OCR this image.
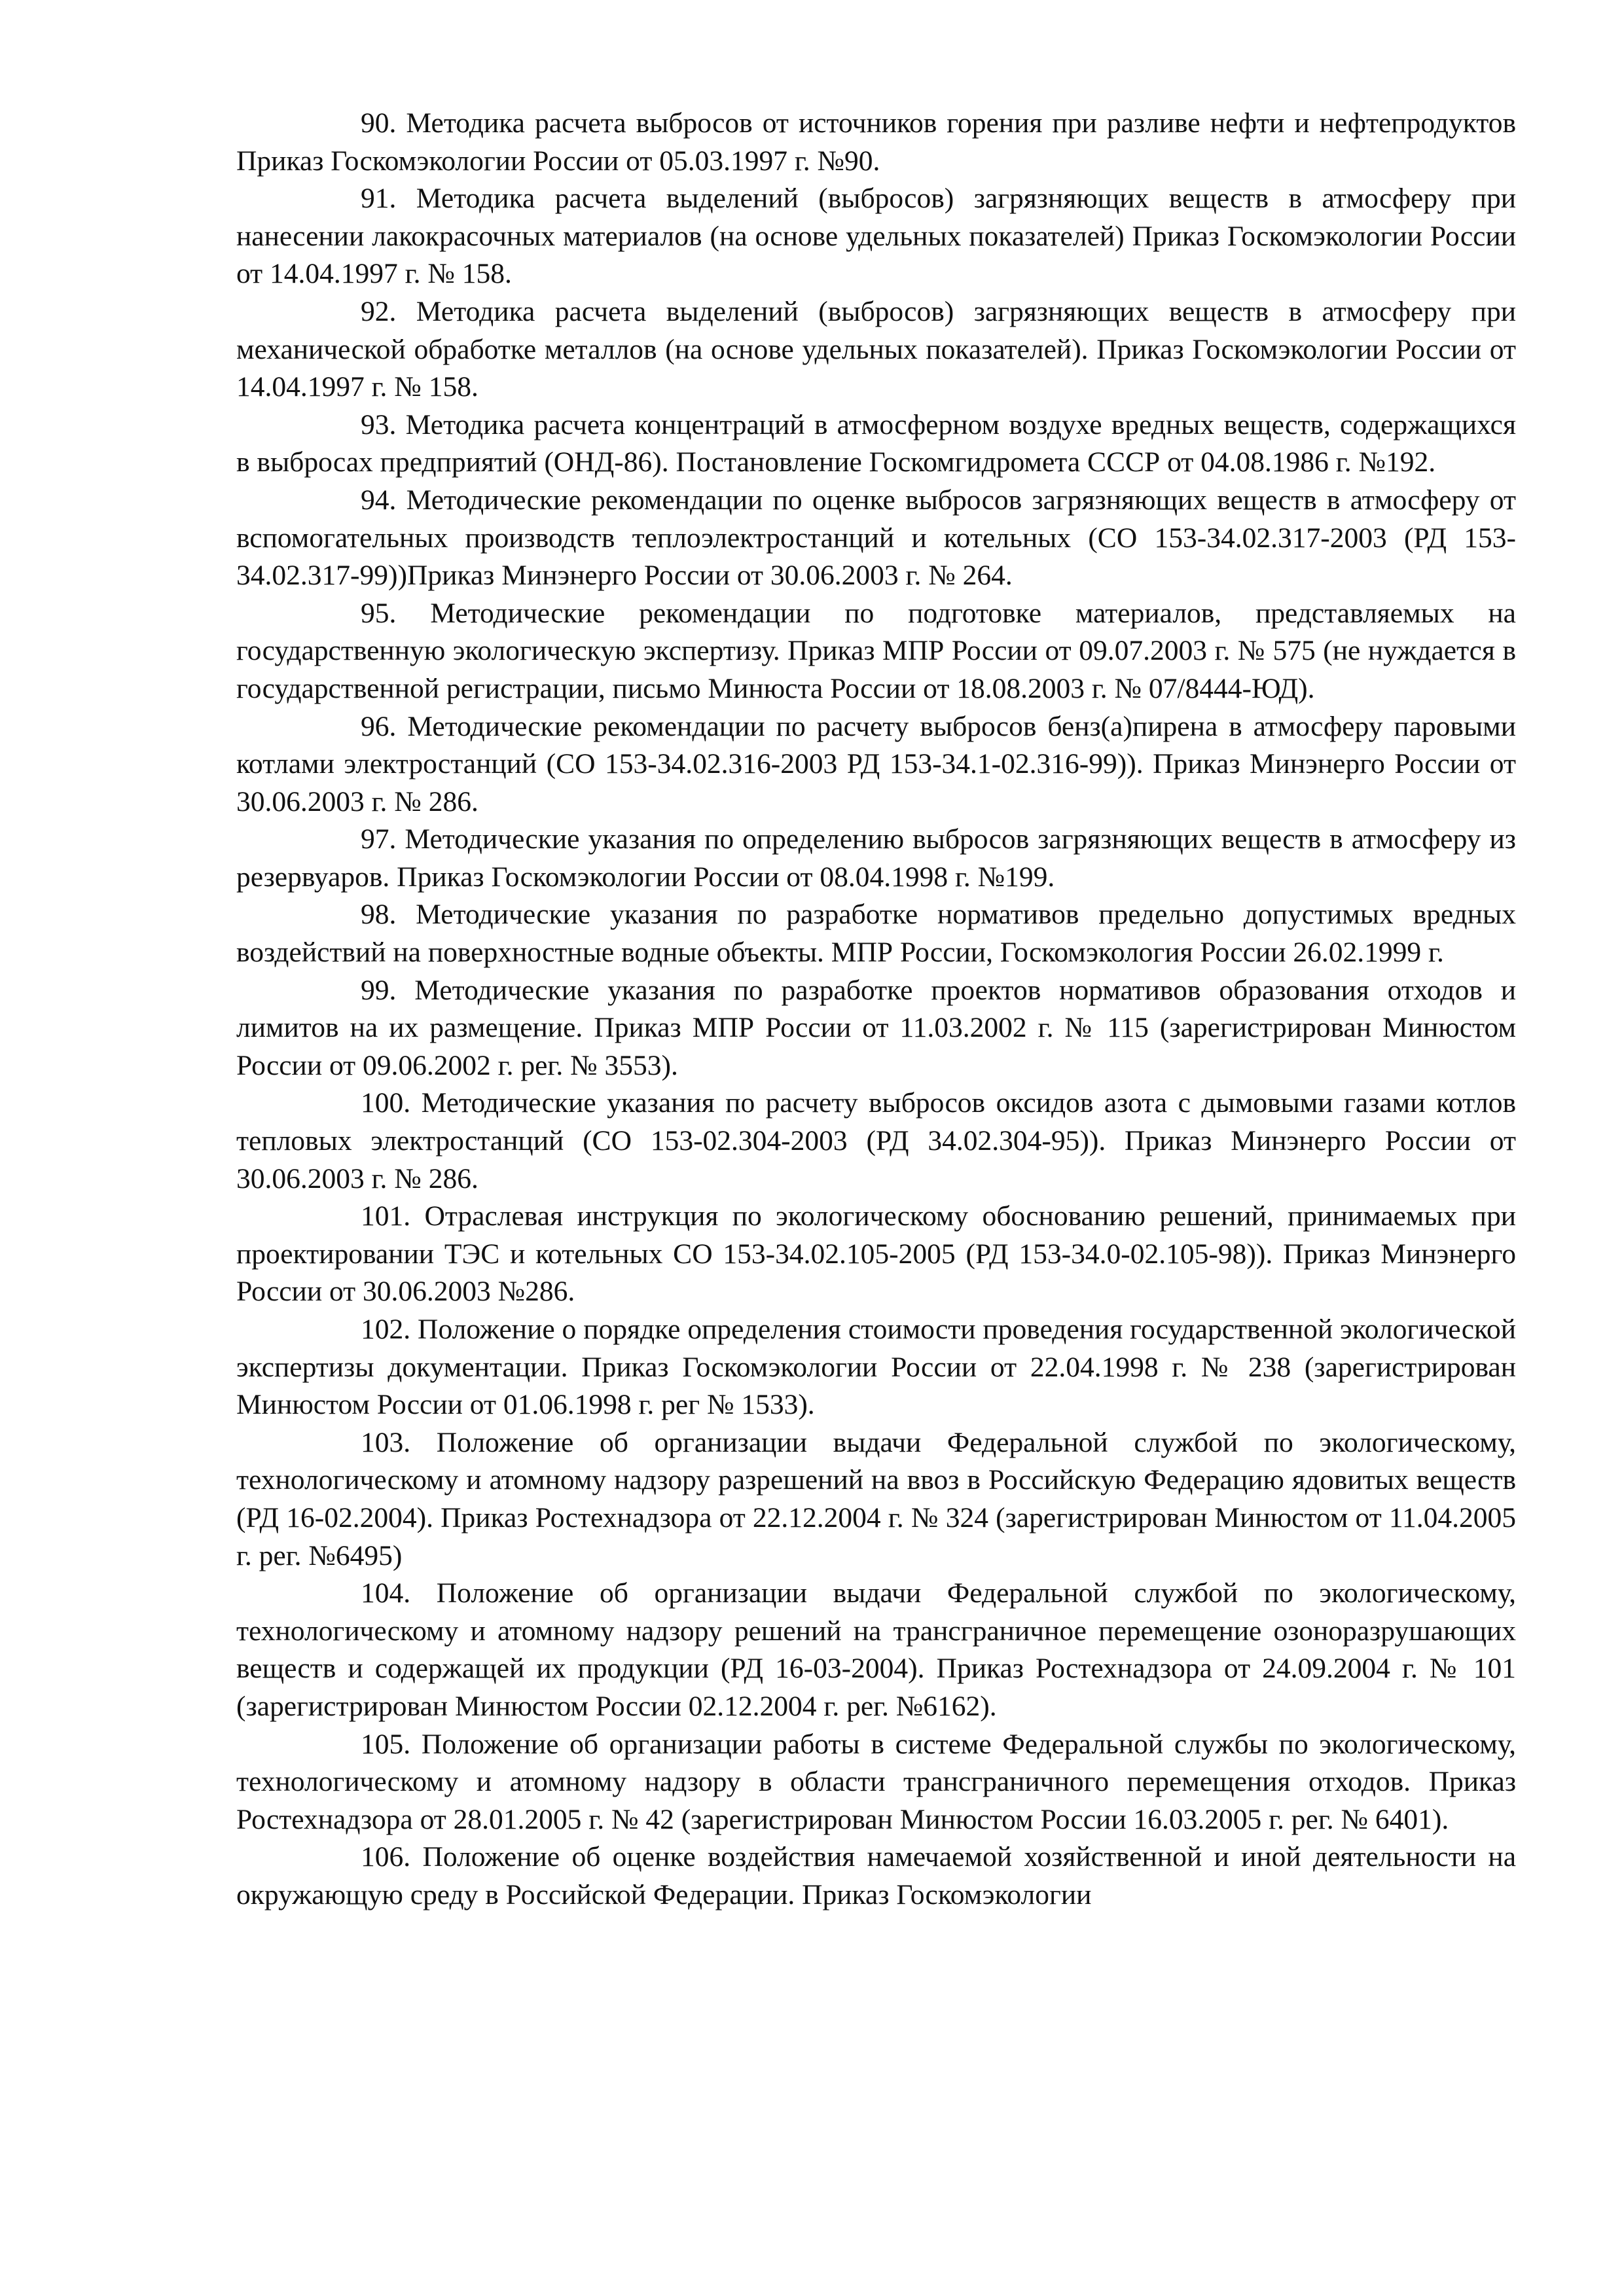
90. Методика расчета выбросов от источников горения при разливе нефти и нефтепродуктов Приказ Госкомэкологии России от 05.03.1997 г. №90.

91. Методика расчета выделений (выбросов) загрязняющих веществ в атмосферу при нанесении лакокрасочных материалов (на основе удельных показателей) Приказ Госкомэкологии России от 14.04.1997 г. № 158.

92. Методика расчета выделений (выбросов) загрязняющих веществ в атмосферу при механической обработке металлов (на основе удельных показателей). Приказ Госкомэкологии России от 14.04.1997 г. № 158.

93. Методика расчета концентраций в атмосферном воздухе вредных веществ, содержащихся в выбросах предприятий (ОНД-86). Постановление Госкомгидромета СССР от 04.08.1986 г. №192.

94. Методические рекомендации по оценке выбросов загрязняющих веществ в атмосферу от вспомогательных производств теплоэлектростанций и котельных (СО 153-34.02.317-2003 (РД 153-34.02.317-99))Приказ Минэнерго России от 30.06.2003 г. № 264.

95. Методические рекомендации по подготовке материалов, представляемых на государственную экологическую экспертизу. Приказ МПР России от 09.07.2003 г. № 575 (не нуждается в государственной регистрации, письмо Минюста России от 18.08.2003 г. № 07/8444-ЮД).

96. Методические рекомендации по расчету выбросов бенз(а)пирена в атмосферу паровыми котлами электростанций (СО 153-34.02.316-2003 РД 153-34.1-02.316-99)). Приказ Минэнерго России от 30.06.2003 г. № 286.

97. Методические указания по определению выбросов загрязняющих веществ в атмосферу из резервуаров. Приказ Госкомэкологии России от 08.04.1998 г. №199.

98. Методические указания по разработке нормативов предельно допустимых вредных воздействий на поверхностные водные объекты. МПР России, Госкомэкология России 26.02.1999 г.

99. Методические указания по разработке проектов нормативов образования отходов и лимитов на их размещение. Приказ МПР России от 11.03.2002 г. № 115 (зарегистрирован Минюстом России от 09.06.2002 г. рег. № 3553).

100. Методические указания по расчету выбросов оксидов азота с дымовыми газами котлов тепловых электростанций (СО 153-02.304-2003 (РД 34.02.304-95)). Приказ Минэнерго России от 30.06.2003 г. № 286.

101. Отраслевая инструкция по экологическому обоснованию решений, принимаемых при проектировании ТЭС и котельных СО 153-34.02.105-2005 (РД 153-34.0-02.105-98)). Приказ Минэнерго России от 30.06.2003 №286.

102. Положение о порядке определения стоимости проведения государственной экологической экспертизы документации. Приказ Госкомэкологии России от 22.04.1998 г. № 238 (зарегистрирован Минюстом России от 01.06.1998 г. рег № 1533).

103. Положение об организации выдачи Федеральной службой по экологическому, технологическому и атомному надзору разрешений на ввоз в Российскую Федерацию ядовитых веществ (РД 16-02.2004). Приказ Ростехнадзора от 22.12.2004 г. № 324 (зарегистрирован Минюстом от 11.04.2005 г. рег. №6495)

104. Положение об организации выдачи Федеральной службой по экологическому, технологическому и атомному надзору решений на трансграничное перемещение озоноразрушающих веществ и содержащей их продукции (РД 16-03-2004). Приказ Ростехнадзора от 24.09.2004 г. № 101 (зарегистрирован Минюстом России 02.12.2004 г. рег. №6162).

105. Положение об организации работы в системе Федеральной службы по экологическому, технологическому и атомному надзору в области трансграничного перемещения отходов. Приказ Ростехнадзора от 28.01.2005 г. № 42 (зарегистрирован Минюстом России 16.03.2005 г. рег. № 6401).

106. Положение об оценке воздействия намечаемой хозяйственной и иной деятельности на окружающую среду в Российской Федерации. Приказ Госкомэкологии
